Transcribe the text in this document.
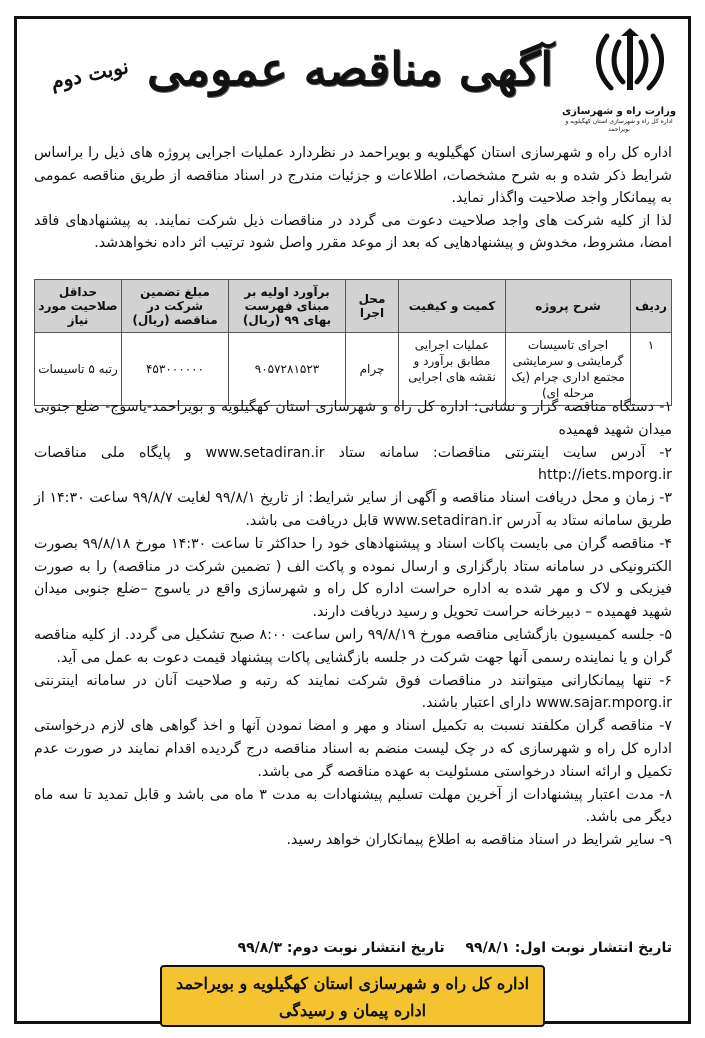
وزارت راه و شهرسازی
اداره کل راه و شهرسازی استان کهگیلویه و بویراحمد
آگهی مناقصه عمومی
نوبت دوم
اداره کل راه و شهرسازی استان کهگیلویه و بویراحمد در نظردارد عملیات اجرایی پروژه های ذیل را براساس شرایط ذکر شده و به شرح مشخصات، اطلاعات و جزئیات مندرج در اسناد مناقصه از طریق مناقصه عمومی به پیمانکار واجد صلاحیت واگذار نماید.
لذا از کلیه شرکت های واجد صلاحیت دعوت می گردد در مناقصات ذیل شرکت نمایند. به پیشنهادهای فاقد امضا، مشروط، مخدوش و پیشنهادهایی که بعد از موعد مقرر واصل شود ترتیب اثر داده نخواهدشد.
ردیف	شرح پروژه	کمیت و کیفیت	محل اجرا	برآورد اولیه بر مبنای فهرست بهای ۹۹ (ریال)	مبلغ تضمین شرکت در مناقصه (ریال)	حداقل صلاحیت مورد نیاز
۱	اجرای تاسیسات گرمایشی و سرمایشی مجتمع اداری چرام (یک مرحله ای)	عملیات اجرایی مطابق برآورد و نقشه های اجرایی	چرام	۹۰۵۷۲۸۱۵۲۳	۴۵۳۰۰۰۰۰۰	رتبه ۵ تاسیسات

۱- دستگاه مناقصه گزار و نشانی: اداره کل راه و شهرسازی استان کهگیلویه و بویراحمد-یاسوج- ضلع جنوبی میدان شهید فهمیده

۲- آدرس سایت اینترنتی مناقصات: سامانه ستاد www.setadiran.ir و پایگاه ملی مناقصات http://iets.mporg.ir

۳- زمان و محل دریافت اسناد مناقصه و آگهی از سایر شرایط: از تاریخ ۹۹/۸/۱ لغایت ۹۹/۸/۷ ساعت ۱۴:۳۰ از طریق سامانه ستاد به آدرس www.setadiran.ir قابل دریافت می باشد.

۴- مناقصه گران می بایست پاکات اسناد و پیشنهادهای خود را حداکثر تا ساعت ۱۴:۳۰ مورخ ۹۹/۸/۱۸ بصورت الکترونیکی در سامانه ستاد بارگزاری و ارسال نموده و پاکت الف ( تضمین شرکت در مناقصه) را به صورت فیزیکی و لاک و مهر شده به اداره حراست اداره کل راه و شهرسازی واقع در یاسوج –ضلع جنوبی میدان شهید فهمیده – دبیرخانه حراست تحویل و رسید دریافت دارند.

۵- جلسه کمیسیون بازگشایی مناقصه مورخ ۹۹/۸/۱۹ راس ساعت ۸:۰۰ صبح تشکیل می گردد. از کلیه مناقصه گران و یا نماینده رسمی آنها جهت شرکت در جلسه بازگشایی پاکات پیشنهاد قیمت دعوت به عمل می آید.

۶- تنها پیمانکارانی میتوانند در مناقصات فوق شرکت نمایند که رتبه و صلاحیت آنان در سامانه اینترنتی www.sajar.mporg.ir دارای اعتبار باشند.

۷- مناقصه گران مکلفند نسبت به تکمیل اسناد و مهر و امضا نمودن آنها و اخذ گواهی های لازم درخواستی اداره کل راه و شهرسازی که در چک لیست منضم به اسناد مناقصه درج گردیده اقدام نمایند در صورت عدم تکمیل و ارائه اسناد درخواستی مسئولیت به عهده مناقصه گر می باشد.

۸- مدت اعتبار پیشنهادات از آخرین مهلت تسلیم پیشنهادات به مدت ۳ ماه می باشد و قابل تمدید تا سه ماه دیگر می باشد.

۹- سایر شرایط در اسناد مناقصه به اطلاع پیمانکاران خواهد رسید.

تاریخ انتشار نوبت اول: ۹۹/۸/۱ تاریخ انتشار نوبت دوم: ۹۹/۸/۳
اداره کل راه و شهرسازی استان کهگیلویه و بویراحمد
اداره پیمان و رسیدگی
